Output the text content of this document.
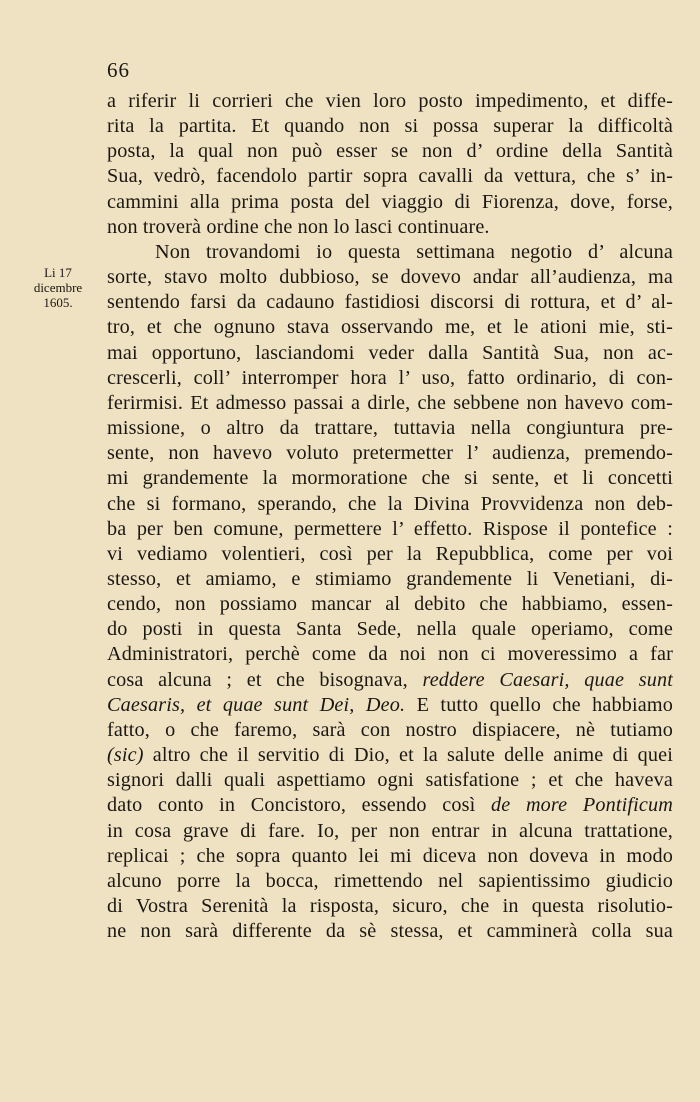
66
Li 17
dicembre
1605.
a riferir li corrieri che vien loro posto impedimento, et diffe-
rita la partita. Et quando non si possa superar la difficoltà
posta, la qual non può esser se non d’ ordine della Santità
Sua, vedrò, facendolo partir sopra cavalli da vettura, che s’ in-
cammini alla prima posta del viaggio di Fiorenza, dove, forse,
non troverà ordine che non lo lasci continuare.
Non trovandomi io questa settimana negotio d’ alcuna
sorte, stavo molto dubbioso, se dovevo andar all’audienza, ma
sentendo farsi da cadauno fastidiosi discorsi di rottura, et d’ al-
tro, et che ognuno stava osservando me, et le ationi mie, sti-
mai opportuno, lasciandomi veder dalla Santità Sua, non ac-
crescerli, coll’ interromper hora l’ uso, fatto ordinario, di con-
ferirmisi. Et admesso passai a dirle, che sebbene non havevo com-
missione, o altro da trattare, tuttavia nella congiuntura pre-
sente, non havevo voluto pretermetter l’ audienza, premendo-
mi grandemente la mormoratione che si sente, et li concetti
che si formano, sperando, che la Divina Provvidenza non deb-
ba per ben comune, permettere l’ effetto. Rispose il pontefice :
vi vediamo volentieri, così per la Repubblica, come per voi
stesso, et amiamo, e stimiamo grandemente li Venetiani, di-
cendo, non possiamo mancar al debito che habbiamo, essen-
do posti in questa Santa Sede, nella quale operiamo, come
Administratori, perchè come da noi non ci moveressimo a far
cosa alcuna ; et che bisognava, reddere Caesari, quae sunt
Caesaris, et quae sunt Dei, Deo. E tutto quello che habbiamo
fatto, o che faremo, sarà con nostro dispiacere, nè tutiamo
(sic) altro che il servitio di Dio, et la salute delle anime di quei
signori dalli quali aspettiamo ogni satisfatione ; et che haveva
dato conto in Concistoro, essendo così de more Pontificum
in cosa grave di fare. Io, per non entrar in alcuna trattatione,
replicai ; che sopra quanto lei mi diceva non doveva in modo
alcuno porre la bocca, rimettendo nel sapientissimo giudicio
di Vostra Serenità la risposta, sicuro, che in questa risolutio-
ne non sarà differente da sè stessa, et camminerà colla sua
